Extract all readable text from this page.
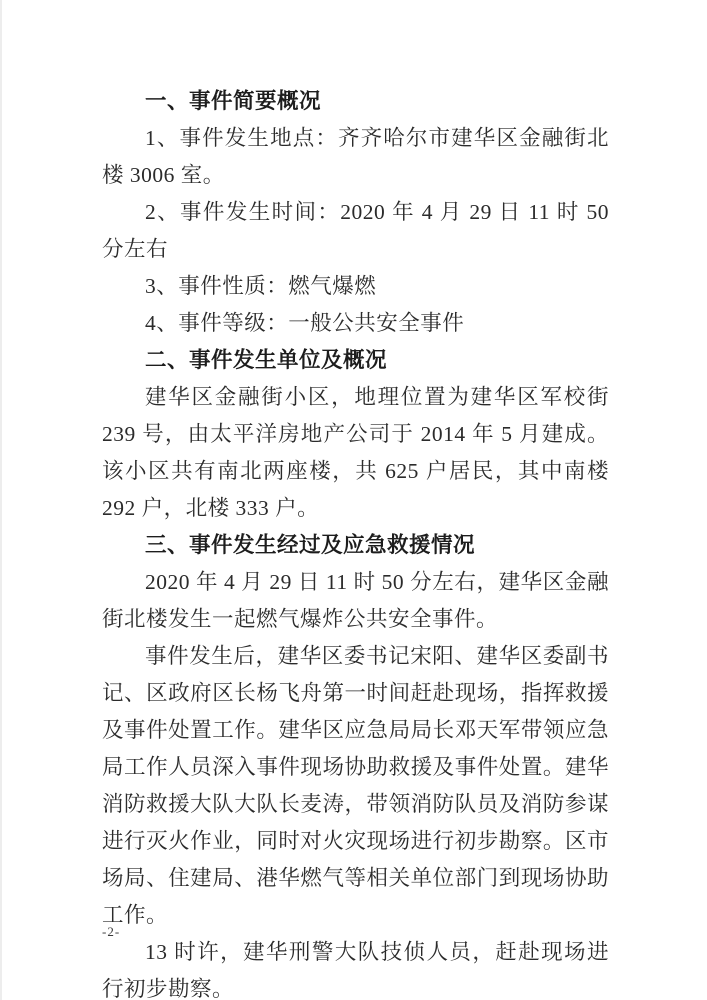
一、事件简要概况

1、事件发生地点：齐齐哈尔市建华区金融街北楼 3006 室。

2、事件发生时间：2020 年 4 月 29 日 11 时 50 分左右

3、事件性质：燃气爆燃

4、事件等级：一般公共安全事件

二、事件发生单位及概况

建华区金融街小区，地理位置为建华区军校街 239 号，由太平洋房地产公司于 2014 年 5 月建成。该小区共有南北两座楼，共 625 户居民，其中南楼 292 户，北楼 333 户。

三、事件发生经过及应急救援情况

2020 年 4 月 29 日 11 时 50 分左右，建华区金融街北楼发生一起燃气爆炸公共安全事件。

事件发生后，建华区委书记宋阳、建华区委副书记、区政府区长杨飞舟第一时间赶赴现场，指挥救援及事件处置工作。建华区应急局局长邓天军带领应急局工作人员深入事件现场协助救援及事件处置。建华消防救援大队大队长麦涛，带领消防队员及消防参谋进行灭火作业，同时对火灾现场进行初步勘察。区市场局、住建局、港华燃气等相关单位部门到现场协助工作。

13 时许，建华刑警大队技侦人员，赶赴现场进行初步勘察。

-2-
